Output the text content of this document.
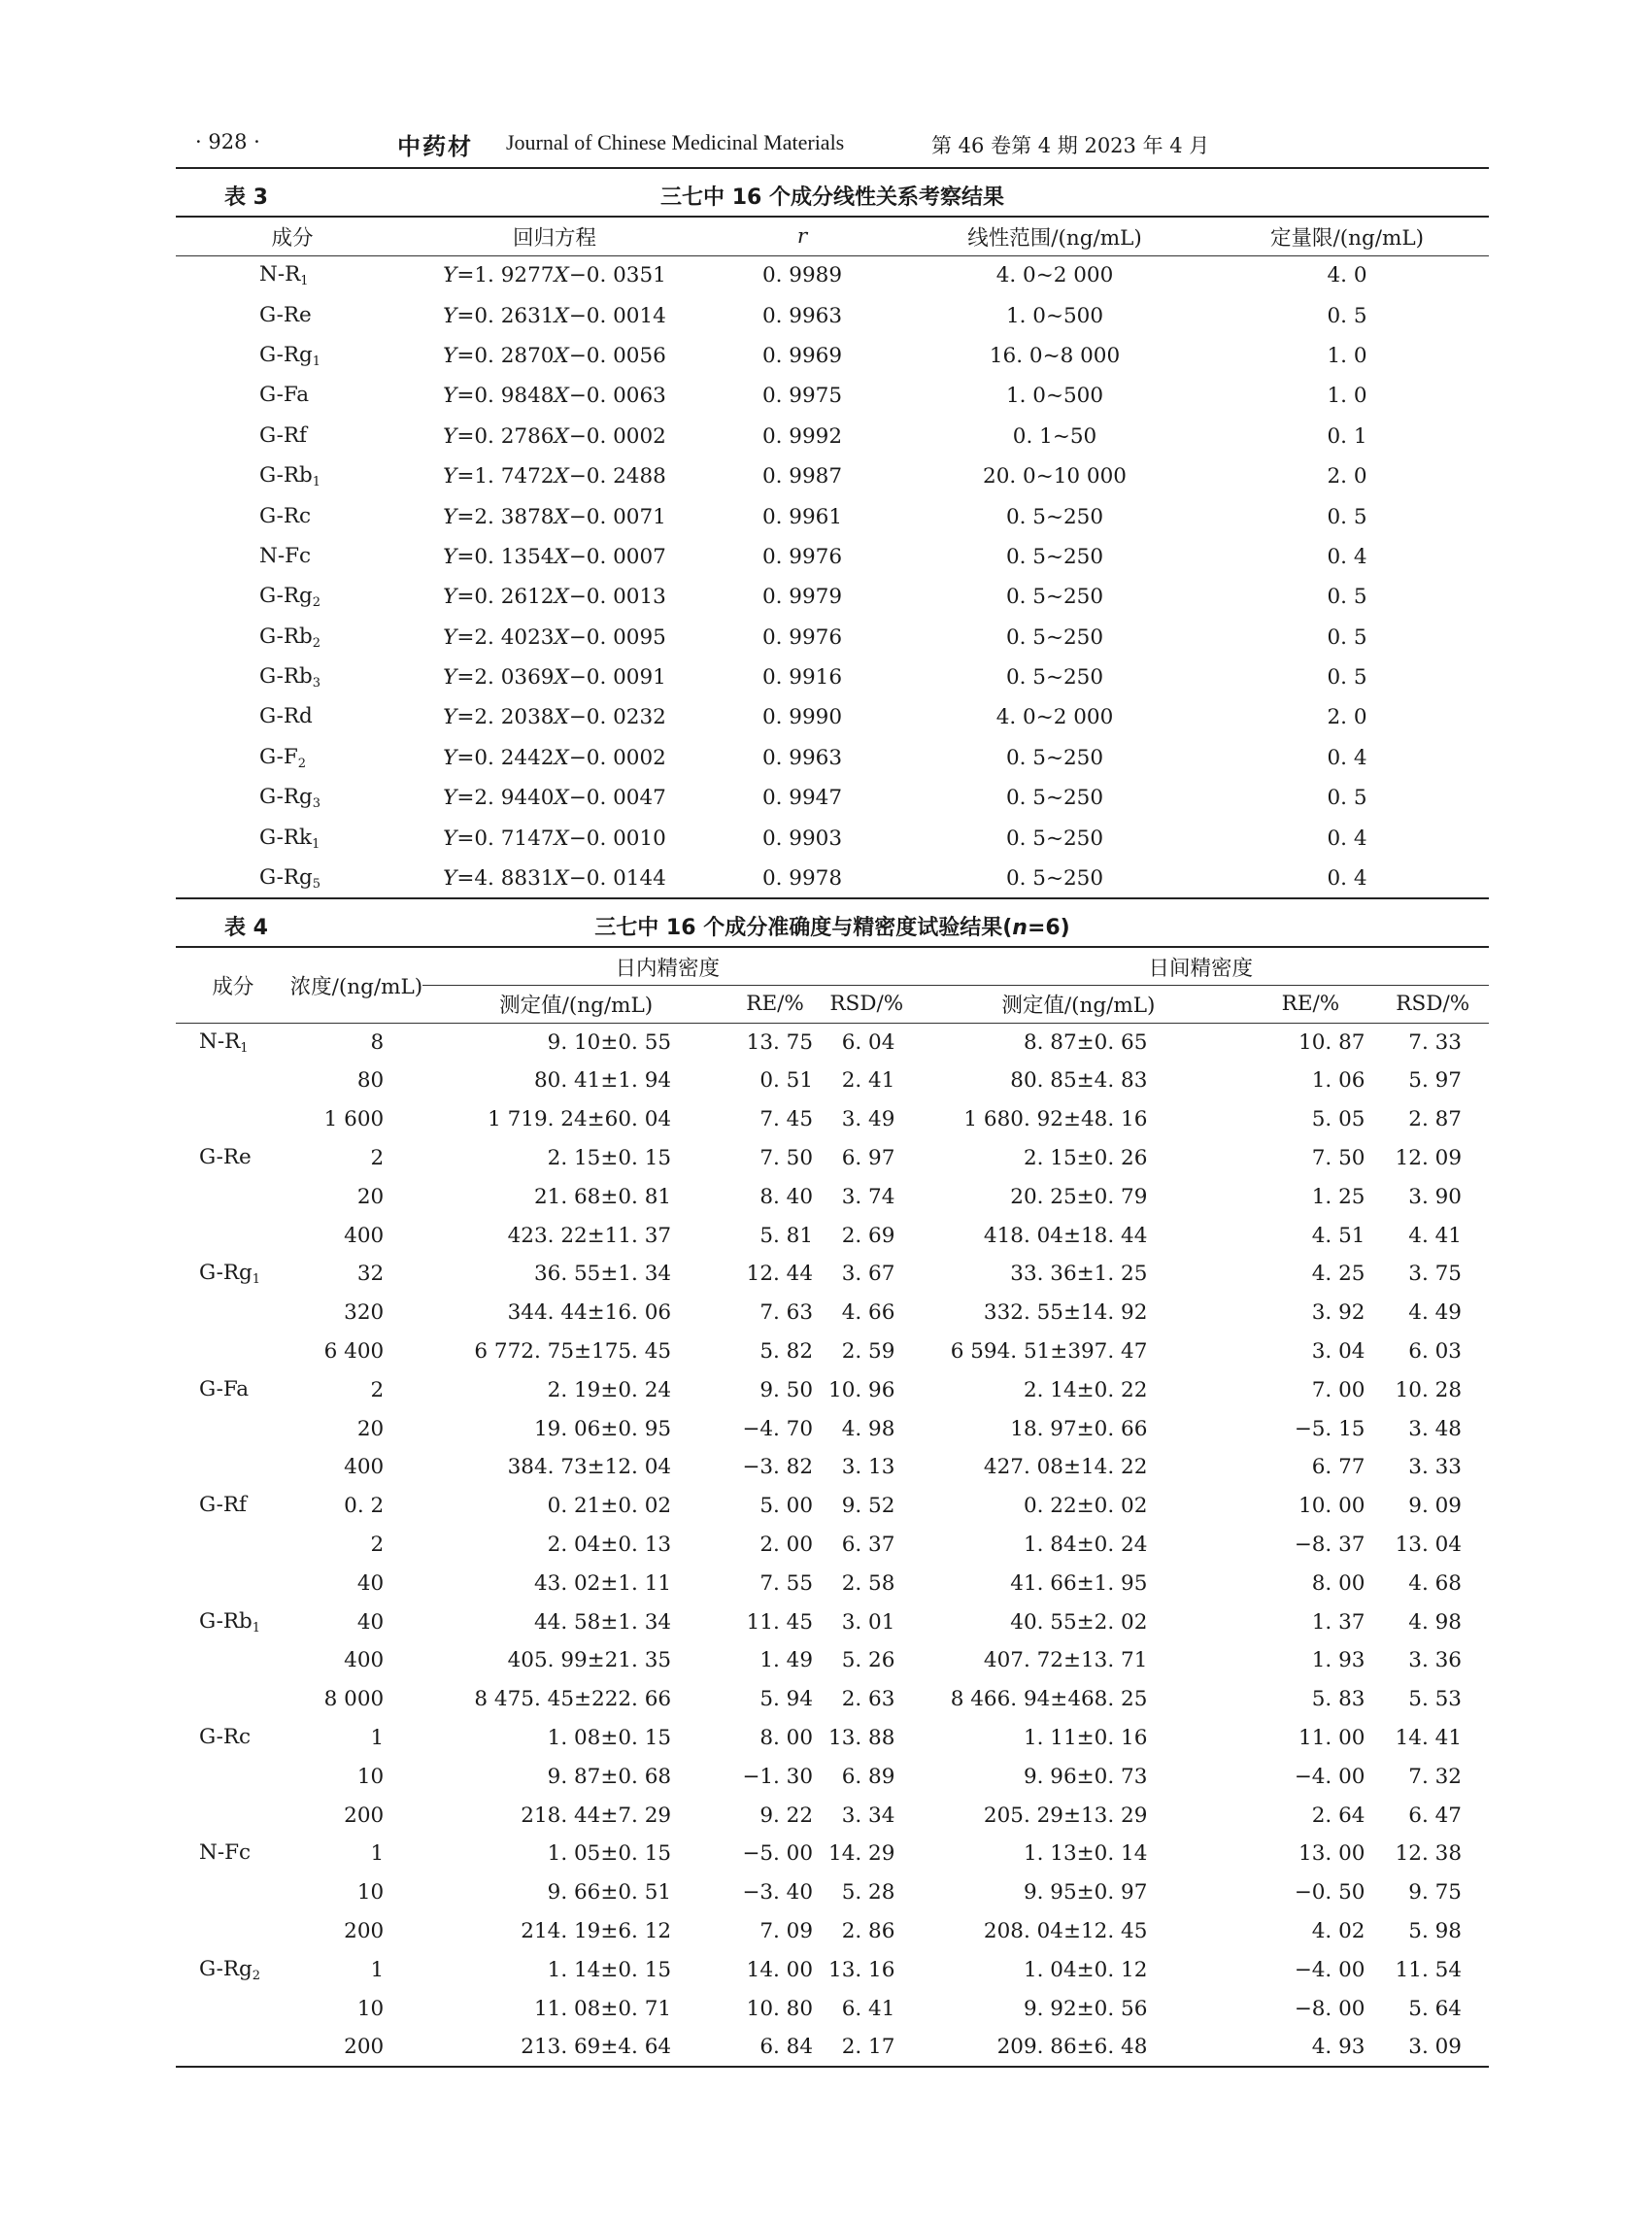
· 928 ·	中药材 Journal of Chinese Medicinal Materials	第 46 卷第 4 期 2023 年 4 月
表 3	三七中 16 个成分线性关系考察结果
成分	回归方程	r	线性范围/(ng/mL)	定量限/(ng/mL)
$N-R_1$	Y=1. 9277X−0. 0351	0. 9989	4. 0~2 000	4. 0
G-Re	Y=0. 2631X−0. 0014	0. 9963	1. 0~500	0. 5
$G-Rg_1$	Y=0. 2870X−0. 0056	0. 9969	16. 0~8 000	1. 0
G-Fa	Y=0. 9848X−0. 0063	0. 9975	1. 0~500	1. 0
G-Rf	Y=0. 2786X−0. 0002	0. 9992	0. 1~50	0. 1
$G-Rb_1$	Y=1. 7472X−0. 2488	0. 9987	20. 0~10 000	2. 0
G-Rc	Y=2. 3878X−0. 0071	0. 9961	0. 5~250	0. 5
N-Fc	Y=0. 1354X−0. 0007	0. 9976	0. 5~250	0. 4
$G-Rg_2$	Y=0. 2612X−0. 0013	0. 9979	0. 5~250	0. 5
$G-Rb_2$	Y=2. 4023X−0. 0095	0. 9976	0. 5~250	0. 5
$G-Rb_3$	Y=2. 0369X−0. 0091	0. 9916	0. 5~250	0. 5
G-Rd	Y=2. 2038X−0. 0232	0. 9990	4. 0~2 000	2. 0
$G-F_2$	Y=0. 2442X−0. 0002	0. 9963	0. 5~250	0. 4
$G-Rg_3$	Y=2. 9440X−0. 0047	0. 9947	0. 5~250	0. 5
$G-Rk_1$	Y=0. 7147X−0. 0010	0. 9903	0. 5~250	0. 4
$G-Rg_5$	Y=4. 8831X−0. 0144	0. 9978	0. 5~250	0. 4
表 4	三七中 16 个成分准确度与精密度试验结果(n=6)
成分	浓度/(ng/mL)	日内精密度			日间精密度		
		测定值/(ng/mL)	RE/%	RSD/%	测定值/(ng/mL)	RE/%	RSD/%
$N-R_1$	8	9. 10±0. 55	13. 75	6. 04	8. 87±0. 65	10. 87	7. 33
	80	80. 41±1. 94	0. 51	2. 41	80. 85±4. 83	1. 06	5. 97
	1 600	1 719. 24±60. 04	7. 45	3. 49	1 680. 92±48. 16	5. 05	2. 87
G-Re	2	2. 15±0. 15	7. 50	6. 97	2. 15±0. 26	7. 50	12. 09
	20	21. 68±0. 81	8. 40	3. 74	20. 25±0. 79	1. 25	3. 90
	400	423. 22±11. 37	5. 81	2. 69	418. 04±18. 44	4. 51	4. 41
$G-Rg_1$	32	36. 55±1. 34	12. 44	3. 67	33. 36±1. 25	4. 25	3. 75
	320	344. 44±16. 06	7. 63	4. 66	332. 55±14. 92	3. 92	4. 49
	6 400	6 772. 75±175. 45	5. 82	2. 59	6 594. 51±397. 47	3. 04	6. 03
G-Fa	2	2. 19±0. 24	9. 50	10. 96	2. 14±0. 22	7. 00	10. 28
	20	19. 06±0. 95	−4. 70	4. 98	18. 97±0. 66	−5. 15	3. 48
	400	384. 73±12. 04	−3. 82	3. 13	427. 08±14. 22	6. 77	3. 33
G-Rf	0. 2	0. 21±0. 02	5. 00	9. 52	0. 22±0. 02	10. 00	9. 09
	2	2. 04±0. 13	2. 00	6. 37	1. 84±0. 24	−8. 37	13. 04
	40	43. 02±1. 11	7. 55	2. 58	41. 66±1. 95	8. 00	4. 68
$G-Rb_1$	40	44. 58±1. 34	11. 45	3. 01	40. 55±2. 02	1. 37	4. 98
	400	405. 99±21. 35	1. 49	5. 26	407. 72±13. 71	1. 93	3. 36
	8 000	8 475. 45±222. 66	5. 94	2. 63	8 466. 94±468. 25	5. 83	5. 53
G-Rc	1	1. 08±0. 15	8. 00	13. 88	1. 11±0. 16	11. 00	14. 41
	10	9. 87±0. 68	−1. 30	6. 89	9. 96±0. 73	−4. 00	7. 32
	200	218. 44±7. 29	9. 22	3. 34	205. 29±13. 29	2. 64	6. 47
N-Fc	1	1. 05±0. 15	−5. 00	14. 29	1. 13±0. 14	13. 00	12. 38
	10	9. 66±0. 51	−3. 40	5. 28	9. 95±0. 97	−0. 50	9. 75
	200	214. 19±6. 12	7. 09	2. 86	208. 04±12. 45	4. 02	5. 98
$G-Rg_2$	1	1. 14±0. 15	14. 00	13. 16	1. 04±0. 12	−4. 00	11. 54
	10	11. 08±0. 71	10. 80	6. 41	9. 92±0. 56	−8. 00	5. 64
	200	213. 69±4. 64	6. 84	2. 17	209. 86±6. 48	4. 93	3. 09
